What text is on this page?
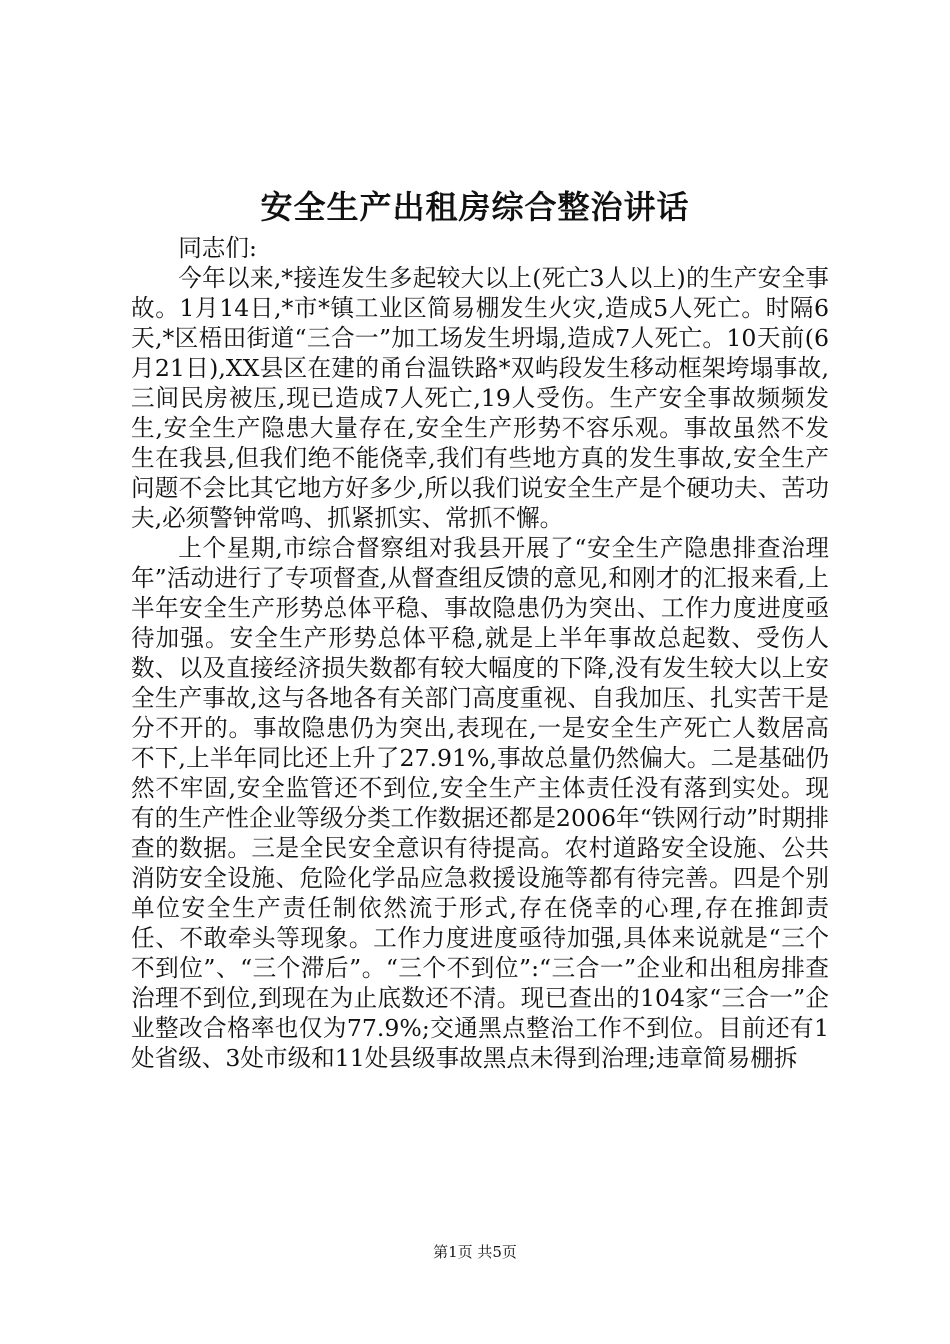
安全生产出租房综合整治讲话

同志们:

今年以来,*接连发生多起较大以上(死亡3人以上)的生产安全事故。1月14日,*市*镇工业区简易棚发生火灾,造成5人死亡。时隔6天,*区梧田街道“三合一”加工场发生坍塌,造成7人死亡。10天前(6月21日),XX县区在建的甬台温铁路*双屿段发生移动框架垮塌事故,三间民房被压,现已造成7人死亡,19人受伤。生产安全事故频频发生,安全生产隐患大量存在,安全生产形势不容乐观。事故虽然不发生在我县,但我们绝不能侥幸,我们有些地方真的发生事故,安全生产问题不会比其它地方好多少,所以我们说安全生产是个硬功夫、苦功夫,必须警钟常鸣、抓紧抓实、常抓不懈。

上个星期,市综合督察组对我县开展了“安全生产隐患排查治理年”活动进行了专项督查,从督查组反馈的意见,和刚才的汇报来看,上半年安全生产形势总体平稳、事故隐患仍为突出、工作力度进度亟待加强。安全生产形势总体平稳,就是上半年事故总起数、受伤人数、以及直接经济损失数都有较大幅度的下降,没有发生较大以上安全生产事故,这与各地各有关部门高度重视、自我加压、扎实苦干是分不开的。事故隐患仍为突出,表现在,一是安全生产死亡人数居高不下,上半年同比还上升了27.91%,事故总量仍然偏大。二是基础仍然不牢固,安全监管还不到位,安全生产主体责任没有落到实处。现有的生产性企业等级分类工作数据还都是2006年“铁网行动”时期排查的数据。三是全民安全意识有待提高。农村道路安全设施、公共消防安全设施、危险化学品应急救援设施等都有待完善。四是个别单位安全生产责任制依然流于形式,存在侥幸的心理,存在推卸责任、不敢牵头等现象。工作力度进度亟待加强,具体来说就是“三个不到位”、“三个滞后”。“三个不到位”:“三合一”企业和出租房排查治理不到位,到现在为止底数还不清。现已查出的104家“三合一”企业整改合格率也仅为77.9%;交通黑点整治工作不到位。目前还有1处省级、3处市级和11处县级事故黑点未得到治理;违章简易棚拆

第1页 共5页
